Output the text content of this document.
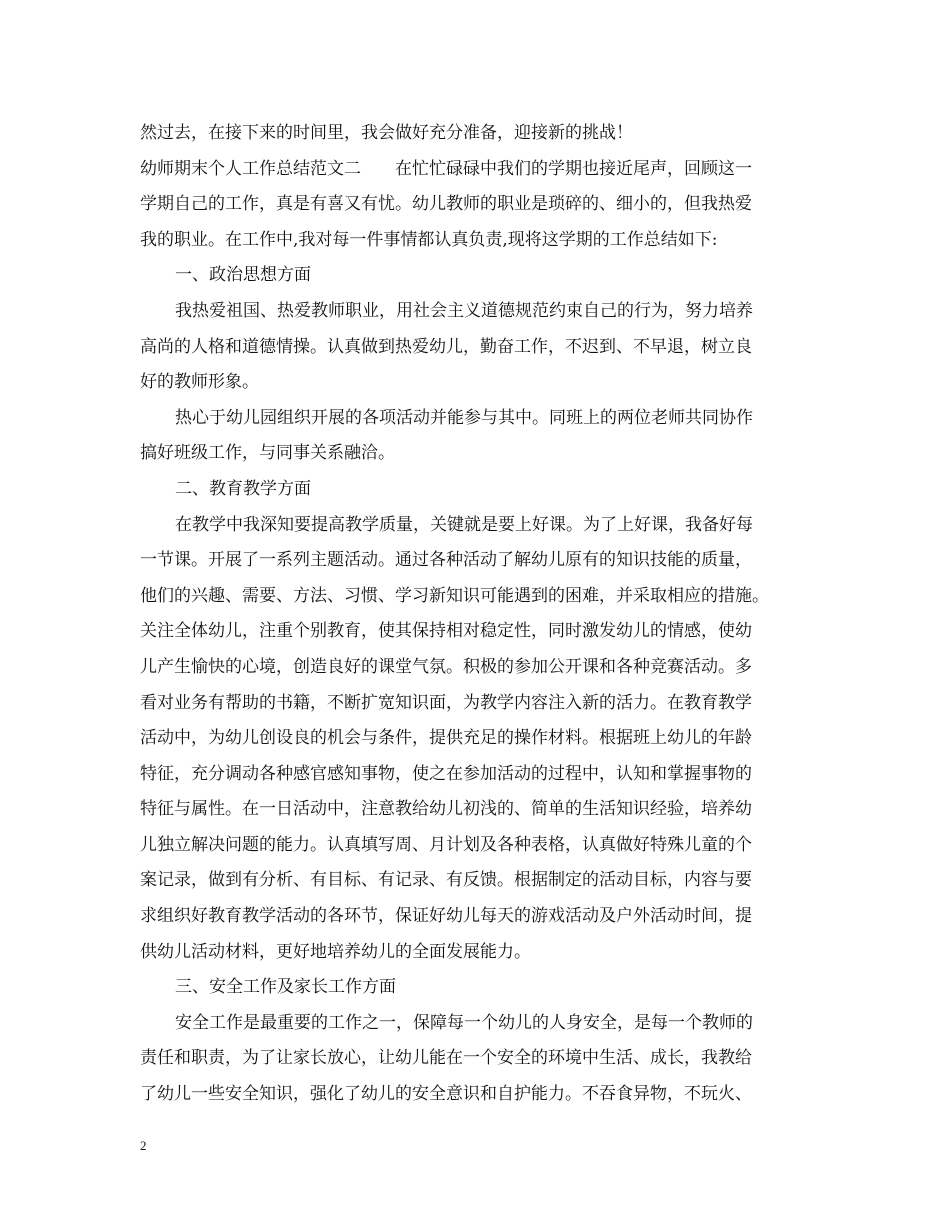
然过去，在接下来的时间里，我会做好充分准备，迎接新的挑战！
幼师期末个人工作总结范文二 在忙忙碌碌中我们的学期也接近尾声，回顾这一
学期自己的工作，真是有喜又有忧。幼儿教师的职业是琐碎的、细小的，但我热爱
我的职业。在工作中,我对每一件事情都认真负责,现将这学期的工作总结如下:
一、政治思想方面
我热爱祖国、热爱教师职业，用社会主义道德规范约束自己的行为，努力培养
高尚的人格和道德情操。认真做到热爱幼儿，勤奋工作，不迟到、不早退，树立良
好的教师形象。
热心于幼儿园组织开展的各项活动并能参与其中。同班上的两位老师共同协作
搞好班级工作，与同事关系融洽。
二、教育教学方面
在教学中我深知要提高教学质量，关键就是要上好课。为了上好课，我备好每
一节课。开展了一系列主题活动。通过各种活动了解幼儿原有的知识技能的质量，
他们的兴趣、需要、方法、习惯、学习新知识可能遇到的困难，并采取相应的措施。
关注全体幼儿，注重个别教育，使其保持相对稳定性，同时激发幼儿的情感，使幼
儿产生愉快的心境，创造良好的课堂气氛。积极的参加公开课和各种竞赛活动。多
看对业务有帮助的书籍，不断扩宽知识面，为教学内容注入新的活力。在教育教学
活动中，为幼儿创设良的机会与条件，提供充足的操作材料。根据班上幼儿的年龄
特征，充分调动各种感官感知事物，使之在参加活动的过程中，认知和掌握事物的
特征与属性。在一日活动中，注意教给幼儿初浅的、简单的生活知识经验，培养幼
儿独立解决问题的能力。认真填写周、月计划及各种表格，认真做好特殊儿童的个
案记录，做到有分析、有目标、有记录、有反馈。根据制定的活动目标，内容与要
求组织好教育教学活动的各环节，保证好幼儿每天的游戏活动及户外活动时间，提
供幼儿活动材料，更好地培养幼儿的全面发展能力。
三、安全工作及家长工作方面
安全工作是最重要的工作之一，保障每一个幼儿的人身安全，是每一个教师的
责任和职责，为了让家长放心，让幼儿能在一个安全的环境中生活、成长，我教给
了幼儿一些安全知识，强化了幼儿的安全意识和自护能力。不吞食异物，不玩火、
2
